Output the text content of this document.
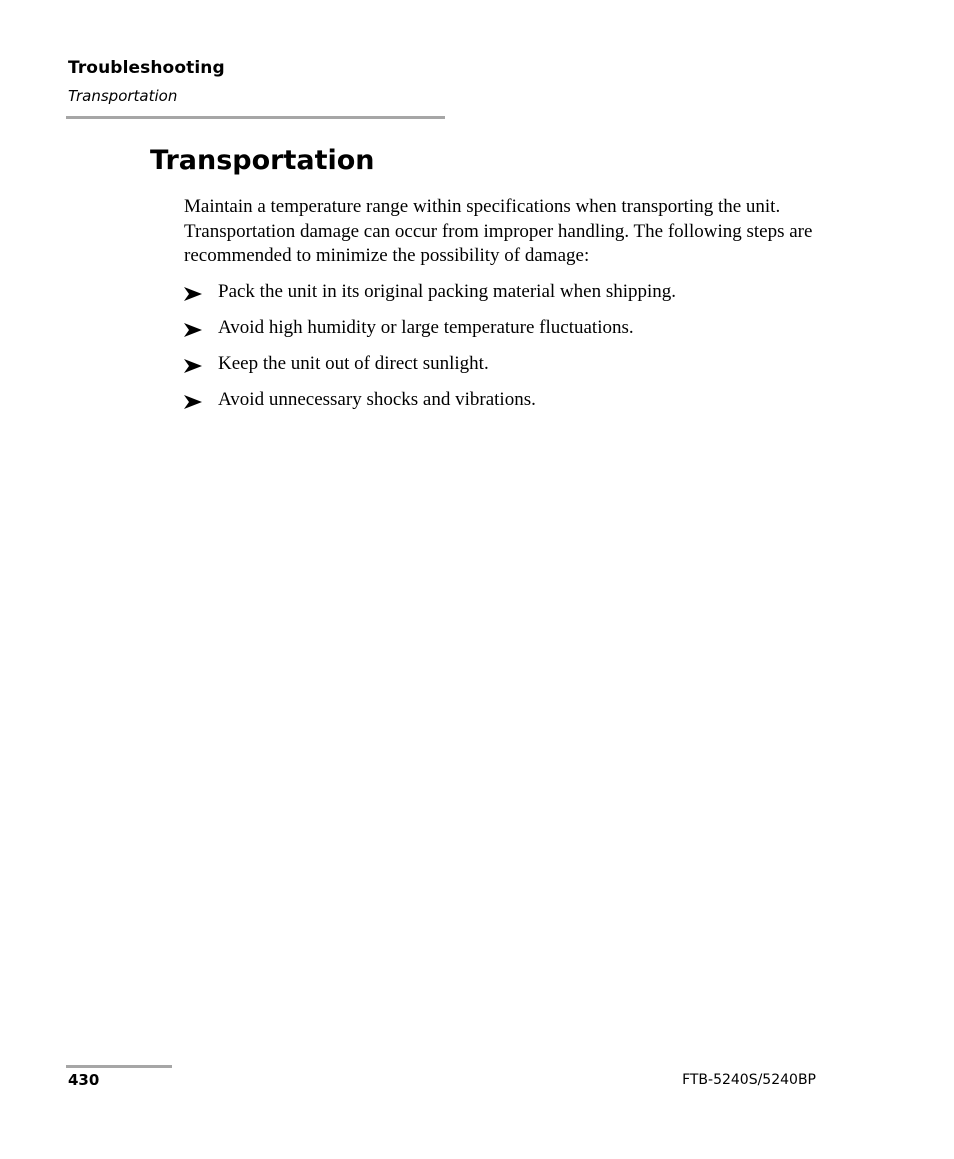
Troubleshooting
Transportation
Transportation

Maintain a temperature range within specifications when transporting the unit. Transportation damage can occur from improper handling. The following steps are recommended to minimize the possibility of damage:

Pack the unit in its original packing material when shipping.
Avoid high humidity or large temperature fluctuations.
Keep the unit out of direct sunlight.
Avoid unnecessary shocks and vibrations.
430	FTB-5240S/5240BP
